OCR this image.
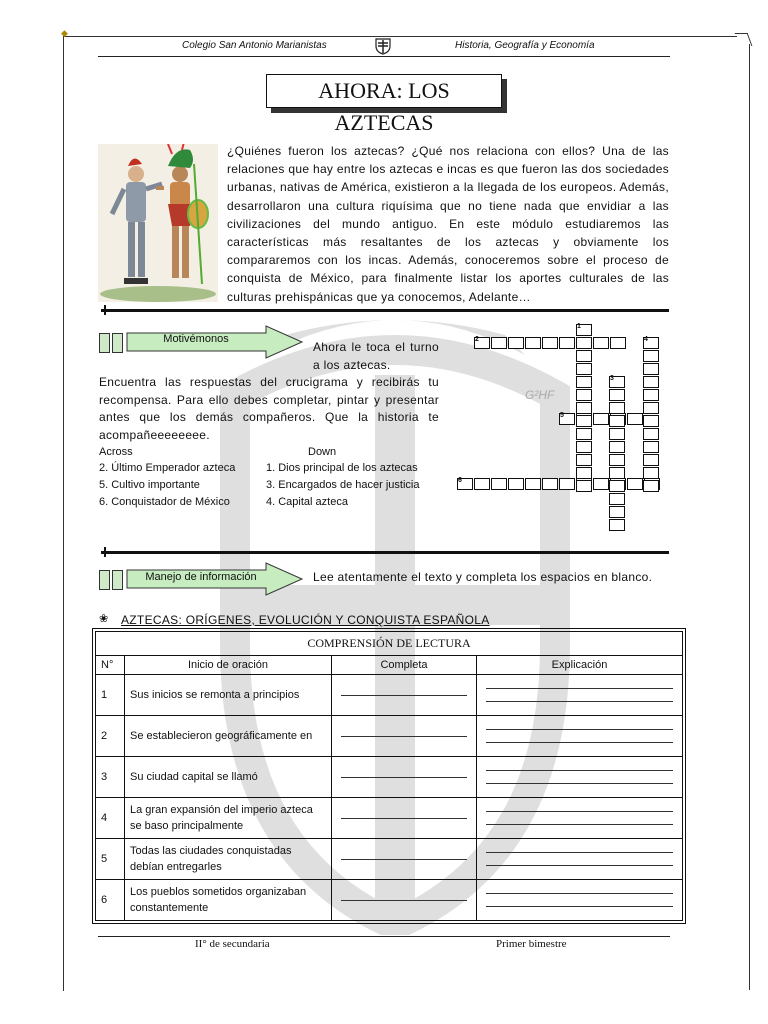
◆
Colegio San Antonio Marianistas	Historia, Geografía y Economía
AHORA: LOS AZTECAS
¿Quiénes fueron los aztecas? ¿Qué nos relaciona con ellos? Una de las relaciones que hay entre los aztecas e incas es que fueron las dos sociedades urbanas, nativas de América, existieron a la llegada de los europeos. Además, desarrollaron una cultura riquísima que no tiene nada que envidiar a las civilizaciones del mundo antiguo. En este módulo estudiaremos las características más resaltantes de los aztecas y obviamente los compararemos con los incas. Además, conoceremos sobre el proceso de conquista de México, para finalmente listar los aportes culturales de las culturas prehispánicas que ya conocemos, Adelante…
Motivémonos
Ahora le toca el turno a los aztecas.
Encuentra las respuestas del crucigrama y recibirás tu recompensa. Para ello debes completar, pintar y presentar antes que los demás compañeros. Que la historia te acompañeeeeeeee.
Across	Down
2. Último Emperador azteca
5. Cultivo importante
6. Conquistador de México
1. Dios principal de los aztecas
3. Encargados de hacer justicia
4. Capital azteca
2
6
5
1
3
4
G²HF
Manejo de información	Lee atentamente el texto y completa los espacios en blanco.
❀ AZTECAS: ORÍGENES, EVOLUCIÓN Y CONQUISTA ESPAÑOLA
COMPRENSIÓN DE LECTURA			
N°	Inicio de oración	Completa	Explicación
1	Sus inicios se remonta a principios	

2	Se establecieron geográficamente en	

3	Su ciudad capital se llamó	

4	La gran expansión del imperio azteca se baso principalmente	

5	Todas las ciudades conquistadas debían entregarles	

6	Los pueblos sometidos organizaban constantemente	

II° de secundaria	Primer bimestre
